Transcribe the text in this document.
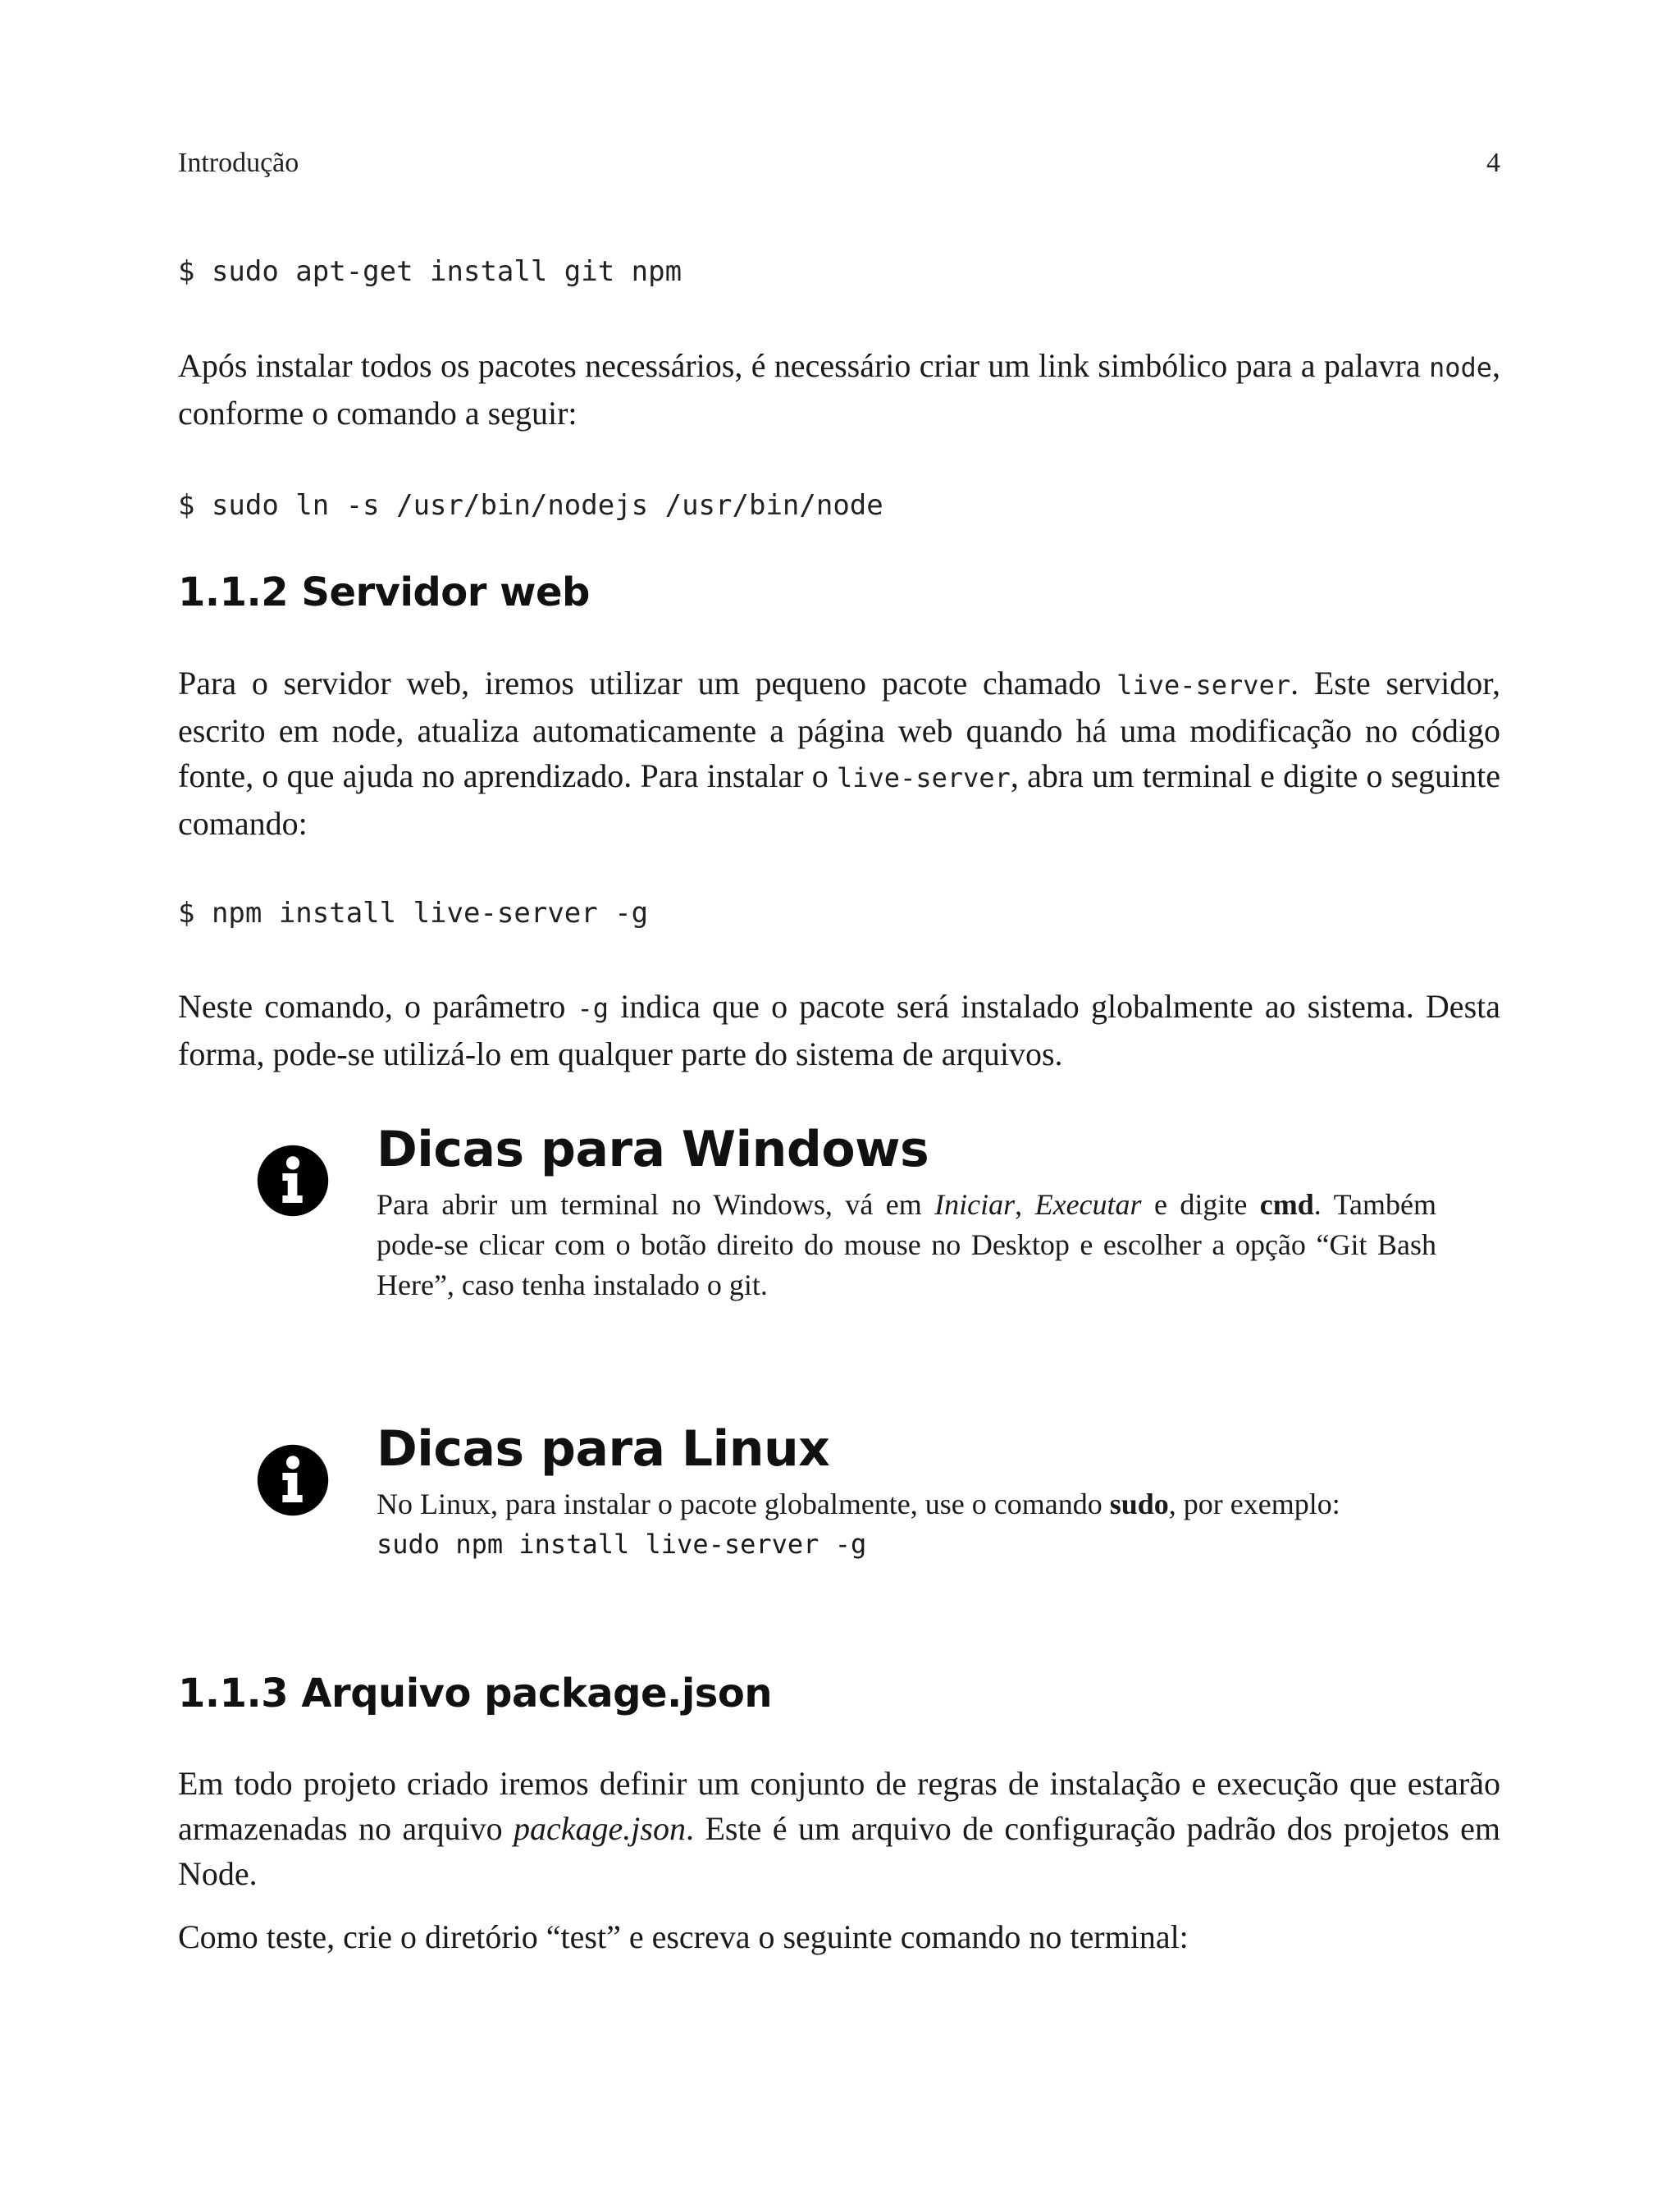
Introdução	4
$ sudo apt-get install git npm

Após instalar todos os pacotes necessários, é necessário criar um link simbólico para a palavra node, conforme o comando a seguir:

$ sudo ln -s /usr/bin/nodejs /usr/bin/node
1.1.2 Servidor web

Para o servidor web, iremos utilizar um pequeno pacote chamado live-server. Este servidor, escrito em node, atualiza automaticamente a página web quando há uma modificação no código fonte, o que ajuda no aprendizado. Para instalar o live-server, abra um terminal e digite o seguinte comando:

$ npm install live-server -g

Neste comando, o parâmetro -g indica que o pacote será instalado globalmente ao sistema. Desta forma, pode-se utilizá-lo em qualquer parte do sistema de arquivos.

Dicas para Windows

Para abrir um terminal no Windows, vá em Iniciar, Executar e digite cmd. Também pode-se clicar com o botão direito do mouse no Desktop e escolher a opção “Git Bash Here”, caso tenha instalado o git.

Dicas para Linux

No Linux, para instalar o pacote globalmente, use o comando sudo, por exemplo:
sudo npm install live-server -g

1.1.3 Arquivo package.json

Em todo projeto criado iremos definir um conjunto de regras de instalação e execução que estarão armazenadas no arquivo package.json. Este é um arquivo de configuração padrão dos projetos em Node.

Como teste, crie o diretório “test” e escreva o seguinte comando no terminal:
